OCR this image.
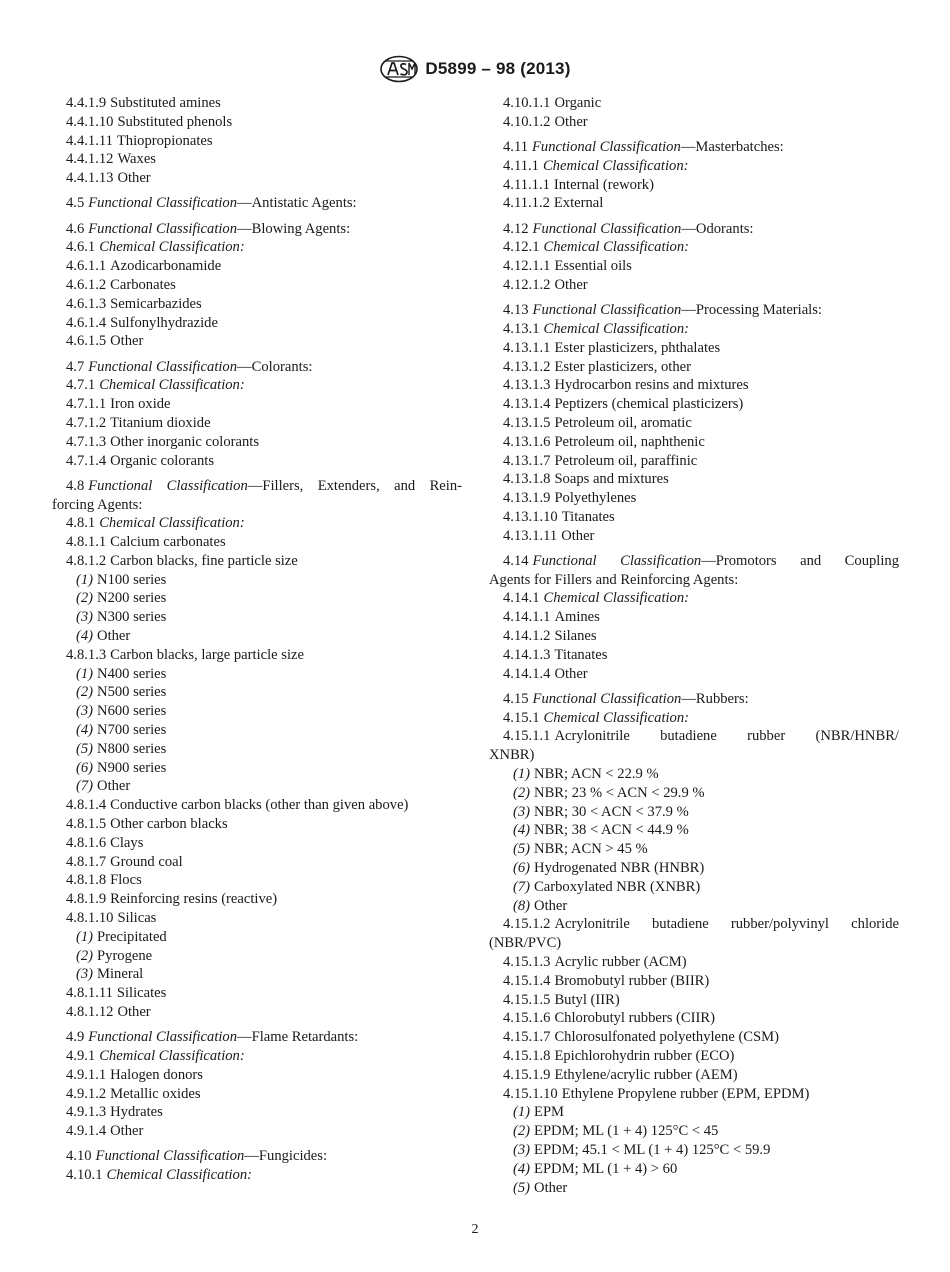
D5899 – 98 (2013)
4.4.1.9 Substituted amines
4.4.1.10 Substituted phenols
4.4.1.11 Thiopropionates
4.4.1.12 Waxes
4.4.1.13 Other
4.5 Functional Classification—Antistatic Agents:
4.6 Functional Classification—Blowing Agents:
4.6.1 Chemical Classification:
4.6.1.1 Azodicarbonamide
4.6.1.2 Carbonates
4.6.1.3 Semicarbazides
4.6.1.4 Sulfonylhydrazide
4.6.1.5 Other
4.7 Functional Classification—Colorants:
4.7.1 Chemical Classification:
4.7.1.1 Iron oxide
4.7.1.2 Titanium dioxide
4.7.1.3 Other inorganic colorants
4.7.1.4 Organic colorants
4.8 Functional Classification—Fillers, Extenders, and Rein-
forcing Agents:
4.8.1 Chemical Classification:
4.8.1.1 Calcium carbonates
4.8.1.2 Carbon blacks, fine particle size
(1) N100 series
(2) N200 series
(3) N300 series
(4) Other
4.8.1.3 Carbon blacks, large particle size
(1) N400 series
(2) N500 series
(3) N600 series
(4) N700 series
(5) N800 series
(6) N900 series
(7) Other
4.8.1.4 Conductive carbon blacks (other than given above)
4.8.1.5 Other carbon blacks
4.8.1.6 Clays
4.8.1.7 Ground coal
4.8.1.8 Flocs
4.8.1.9 Reinforcing resins (reactive)
4.8.1.10 Silicas
(1) Precipitated
(2) Pyrogene
(3) Mineral
4.8.1.11 Silicates
4.8.1.12 Other
4.9 Functional Classification—Flame Retardants:
4.9.1 Chemical Classification:
4.9.1.1 Halogen donors
4.9.1.2 Metallic oxides
4.9.1.3 Hydrates
4.9.1.4 Other
4.10 Functional Classification—Fungicides:
4.10.1 Chemical Classification:
4.10.1.1 Organic
4.10.1.2 Other
4.11 Functional Classification—Masterbatches:
4.11.1 Chemical Classification:
4.11.1.1 Internal (rework)
4.11.1.2 External
4.12 Functional Classification—Odorants:
4.12.1 Chemical Classification:
4.12.1.1 Essential oils
4.12.1.2 Other
4.13 Functional Classification—Processing Materials:
4.13.1 Chemical Classification:
4.13.1.1 Ester plasticizers, phthalates
4.13.1.2 Ester plasticizers, other
4.13.1.3 Hydrocarbon resins and mixtures
4.13.1.4 Peptizers (chemical plasticizers)
4.13.1.5 Petroleum oil, aromatic
4.13.1.6 Petroleum oil, naphthenic
4.13.1.7 Petroleum oil, paraffinic
4.13.1.8 Soaps and mixtures
4.13.1.9 Polyethylenes
4.13.1.10 Titanates
4.13.1.11 Other
4.14 Functional Classification—Promotors and Coupling
Agents for Fillers and Reinforcing Agents:
4.14.1 Chemical Classification:
4.14.1.1 Amines
4.14.1.2 Silanes
4.14.1.3 Titanates
4.14.1.4 Other
4.15 Functional Classification—Rubbers:
4.15.1 Chemical Classification:
4.15.1.1 Acrylonitrile butadiene rubber (NBR/HNBR/
XNBR)
(1) NBR; ACN < 22.9 %
(2) NBR; 23 % < ACN < 29.9 %
(3) NBR; 30 < ACN < 37.9 %
(4) NBR; 38 < ACN < 44.9 %
(5) NBR; ACN > 45 %
(6) Hydrogenated NBR (HNBR)
(7) Carboxylated NBR (XNBR)
(8) Other
4.15.1.2 Acrylonitrile butadiene rubber/polyvinyl chloride
(NBR/PVC)
4.15.1.3 Acrylic rubber (ACM)
4.15.1.4 Bromobutyl rubber (BIIR)
4.15.1.5 Butyl (IIR)
4.15.1.6 Chlorobutyl rubbers (CIIR)
4.15.1.7 Chlorosulfonated polyethylene (CSM)
4.15.1.8 Epichlorohydrin rubber (ECO)
4.15.1.9 Ethylene/acrylic rubber (AEM)
4.15.1.10 Ethylene Propylene rubber (EPM, EPDM)
(1) EPM
(2) EPDM; ML (1 + 4) 125°C < 45
(3) EPDM; 45.1 < ML (1 + 4) 125°C < 59.9
(4) EPDM; ML (1 + 4) > 60
(5) Other
2
